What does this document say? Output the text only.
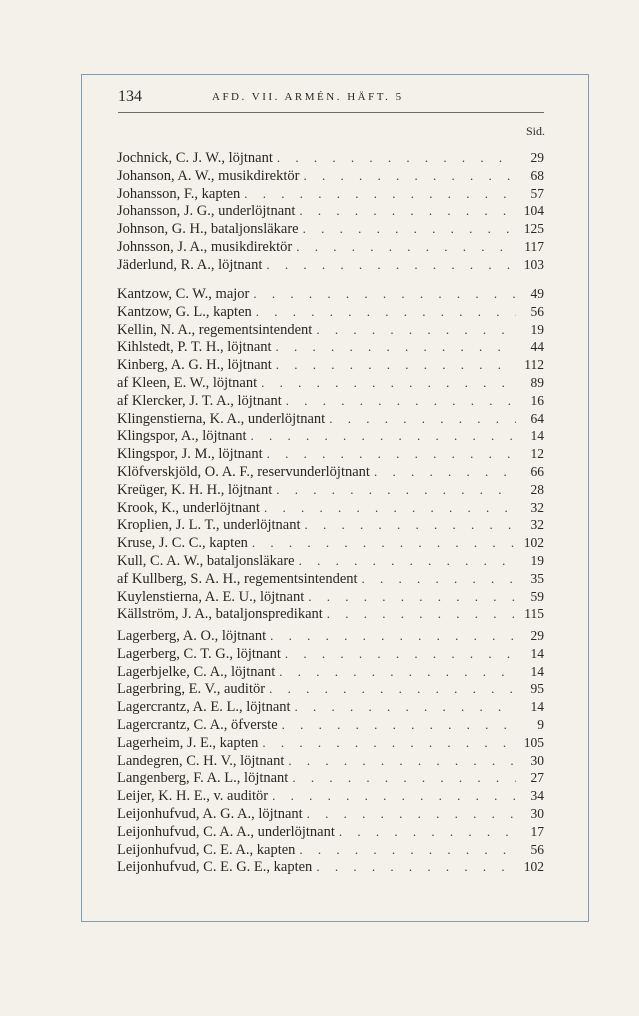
134	AFD. VII. ARMÉN. HÄFT. 5
Sid.
Jochnick, C. J. W., löjtnant . . .	29
Johanson, A. W., musikdirektör . . .	68
Johansson, F., kapten . . .	57
Johansson, J. G., underlöjtnant . . .	104
Johnson, G. H., bataljonsläkare . . .	125
Johnsson, J. A., musikdirektör . . .	117
Jäderlund, R. A., löjtnant . . .	103
Kantzow, C. W., major . . .	49
Kantzow, G. L., kapten . . .	56
Kellin, N. A., regementsintendent . . .	19
Kihlstedt, P. T. H., löjtnant . . .	44
Kinberg, A. G. H., löjtnant . . .	112
af Kleen, E. W., löjtnant . . .	89
af Klercker, J. T. A., löjtnant . . .	16
Klingenstierna, K. A., underlöjtnant . . .	64
Klingspor, A., löjtnant . . .	14
Klingspor, J. M., löjtnant . . .	12
Klöfverskjöld, O. A. F., reservunderlöjtnant . . .	66
Kreüger, K. H. H., löjtnant . . .	28
Krook, K., underlöjtnant . . .	32
Kroplien, J. L. T., underlöjtnant . . .	32
Kruse, J. C. C., kapten . . .	102
Kull, C. A. W., bataljonsläkare . . .	19
af Kullberg, S. A. H., regementsintendent . . .	35
Kuylenstierna, A. E. U., löjtnant . . .	59
Källström, J. A., bataljonspredikant . . .	115
Lagerberg, A. O., löjtnant . . .	29
Lagerberg, C. T. G., löjtnant . . .	14
Lagerbjelke, C. A., löjtnant . . .	14
Lagerbring, E. V., auditör . . .	95
Lagercrantz, A. E. L., löjtnant . . .	14
Lagercrantz, C. A., öfverste . . .	9
Lagerheim, J. E., kapten . . .	105
Landegren, C. H. V., löjtnant . . .	30
Langenberg, F. A. L., löjtnant . . .	27
Leijer, K. H. E., v. auditör . . .	34
Leijonhufvud, A. G. A., löjtnant . . .	30
Leijonhufvud, C. A. A., underlöjtnant . . .	17
Leijonhufvud, C. E. A., kapten . . .	56
Leijonhufvud, C. E. G. E., kapten . . .	102
